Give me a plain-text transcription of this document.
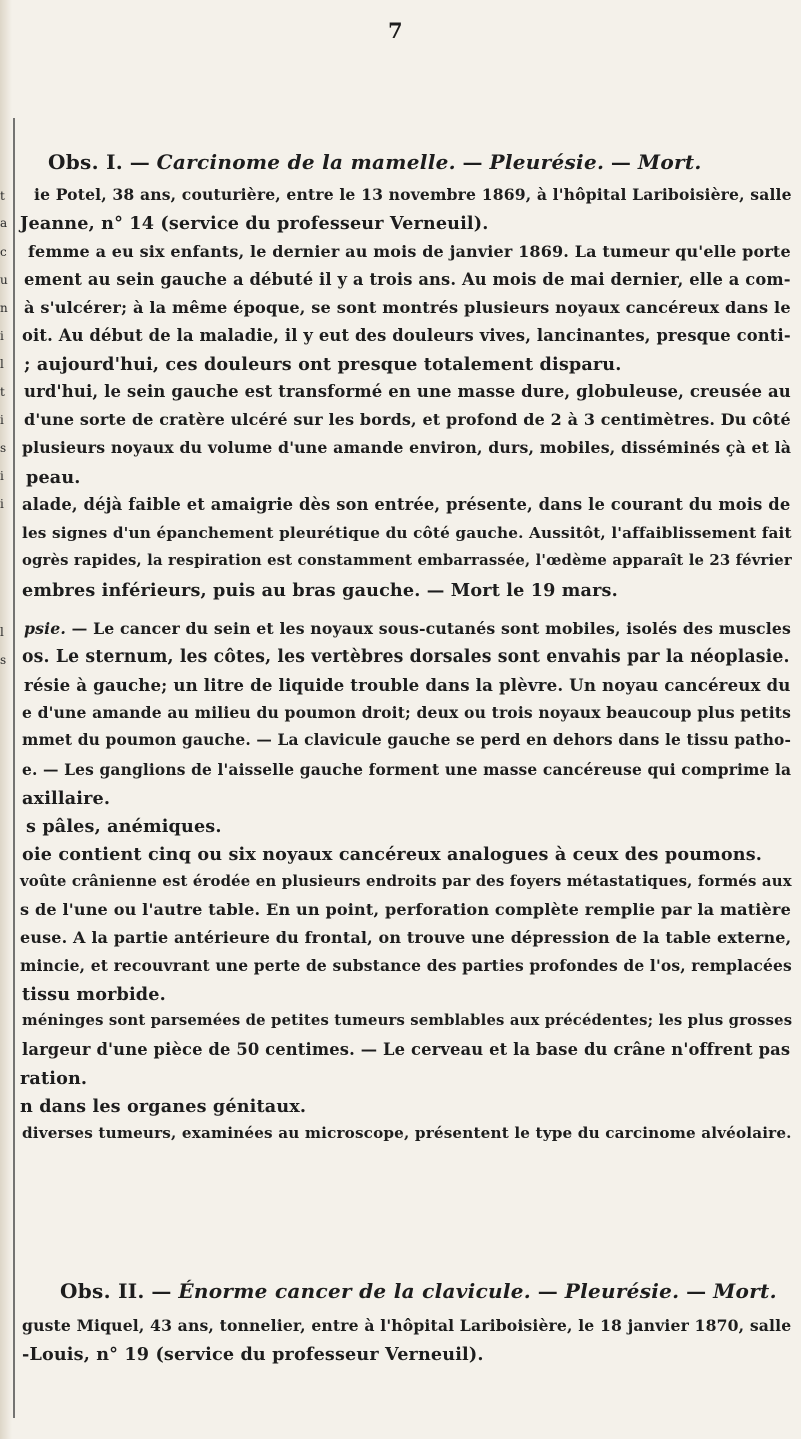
t
a
c
u
n
i
l
t
i
s
i
i
l
s
7
Obs. I. — Carcinome de la mamelle. — Pleurésie. — Mort.
ie Potel, 38 ans, couturière, entre le 13 novembre 1869, à l'hôpital Lariboisière, salle
Jeanne, n° 14 (service du professeur Verneuil).
femme a eu six enfants, le dernier au mois de janvier 1869. La tumeur qu'elle porte
ement au sein gauche a débuté il y a trois ans. Au mois de mai dernier, elle a com-
à s'ulcérer; à la même époque, se sont montrés plusieurs noyaux cancéreux dans le
oit. Au début de la maladie, il y eut des douleurs vives, lancinantes, presque conti-
; aujourd'hui, ces douleurs ont presque totalement disparu.
urd'hui, le sein gauche est transformé en une masse dure, globuleuse, creusée au
d'une sorte de cratère ulcéré sur les bords, et profond de 2 à 3 centimètres. Du côté
plusieurs noyaux du volume d'une amande environ, durs, mobiles, disséminés çà et là
peau.
alade, déjà faible et amaigrie dès son entrée, présente, dans le courant du mois de
les signes d'un épanchement pleurétique du côté gauche. Aussitôt, l'affaiblissement fait
ogrès rapides, la respiration est constamment embarrassée, l'œdème apparaît le 23 février
embres inférieurs, puis au bras gauche. — Mort le 19 mars.
psie. — Le cancer du sein et les noyaux sous-cutanés sont mobiles, isolés des muscles
os. Le sternum, les côtes, les vertèbres dorsales sont envahis par la néoplasie.
résie à gauche; un litre de liquide trouble dans la plèvre. Un noyau cancéreux du
e d'une amande au milieu du poumon droit; deux ou trois noyaux beaucoup plus petits
mmet du poumon gauche. — La clavicule gauche se perd en dehors dans le tissu patho-
e. — Les ganglions de l'aisselle gauche forment une masse cancéreuse qui comprime la
axillaire.
s pâles, anémiques.
oie contient cinq ou six noyaux cancéreux analogues à ceux des poumons.
voûte crânienne est érodée en plusieurs endroits par des foyers métastatiques, formés aux
s de l'une ou l'autre table. En un point, perforation complète remplie par la matière
euse. A la partie antérieure du frontal, on trouve une dépression de la table externe,
mincie, et recouvrant une perte de substance des parties profondes de l'os, remplacées
tissu morbide.
méninges sont parsemées de petites tumeurs semblables aux précédentes; les plus grosses
largeur d'une pièce de 50 centimes. — Le cerveau et la base du crâne n'offrent pas
ration.
n dans les organes génitaux.
diverses tumeurs, examinées au microscope, présentent le type du carcinome alvéolaire.
Obs. II. — Énorme cancer de la clavicule. — Pleurésie. — Mort.
guste Miquel, 43 ans, tonnelier, entre à l'hôpital Lariboisière, le 18 janvier 1870, salle
-Louis, n° 19 (service du professeur Verneuil).
